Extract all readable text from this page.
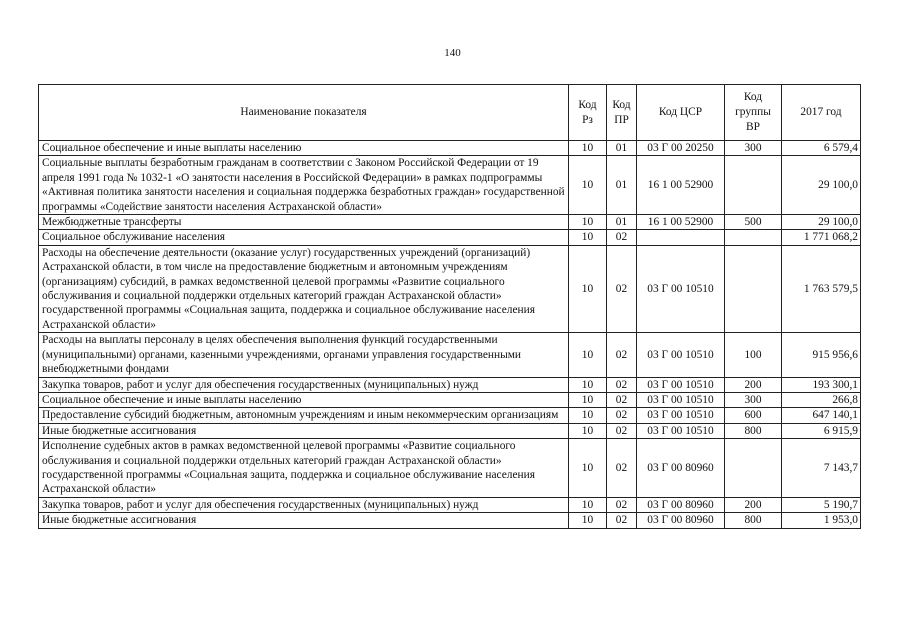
140
Наименование показателя	Код Рз	Код ПР	Код ЦСР	Код группы ВР	2017 год
Социальное обеспечение и иные выплаты населению	10	01	03 Г 00 20250	300	6 579,4
Социальные выплаты безработным гражданам в соответствии с Законом Российской Федерации от 19 апреля 1991 года № 1032-1 «О занятости населения в Российской Федерации» в рамках подпрограммы «Активная политика занятости населения и социальная поддержка безработных граждан» государственной программы «Содействие занятости населения Астраханской области»	10	01	16 1 00 52900		29 100,0
Межбюджетные трансферты	10	01	16 1 00 52900	500	29 100,0
Социальное обслуживание населения	10	02			1 771 068,2
Расходы на обеспечение деятельности (оказание услуг) государственных учреждений (организаций) Астраханской области, в том числе на предоставление бюджетным и автономным учреждениям (организациям) субсидий, в рамках ведомственной целевой программы «Развитие социального обслуживания и социальной поддержки отдельных категорий граждан Астраханской области» государственной программы «Социальная защита, поддержка и социальное обслуживание населения Астраханской области»	10	02	03 Г 00 10510		1 763 579,5
Расходы на выплаты персоналу в целях обеспечения выполнения функций государственными (муниципальными) органами, казенными учреждениями, органами управления государственными внебюджетными фондами	10	02	03 Г 00 10510	100	915 956,6
Закупка товаров, работ и услуг для обеспечения государственных (муниципальных) нужд	10	02	03 Г 00 10510	200	193 300,1
Социальное обеспечение и иные выплаты населению	10	02	03 Г 00 10510	300	266,8
Предоставление субсидий бюджетным, автономным учреждениям и иным некоммерческим организациям	10	02	03 Г 00 10510	600	647 140,1
Иные бюджетные ассигнования	10	02	03 Г 00 10510	800	6 915,9
Исполнение судебных актов в рамках ведомственной целевой программы «Развитие социального обслуживания и социальной поддержки отдельных категорий граждан Астраханской области» государственной программы «Социальная защита, поддержка и социальное обслуживание населения Астраханской области»	10	02	03 Г 00 80960		7 143,7
Закупка товаров, работ и услуг для обеспечения государственных (муниципальных) нужд	10	02	03 Г 00 80960	200	5 190,7
Иные бюджетные ассигнования	10	02	03 Г 00 80960	800	1 953,0
